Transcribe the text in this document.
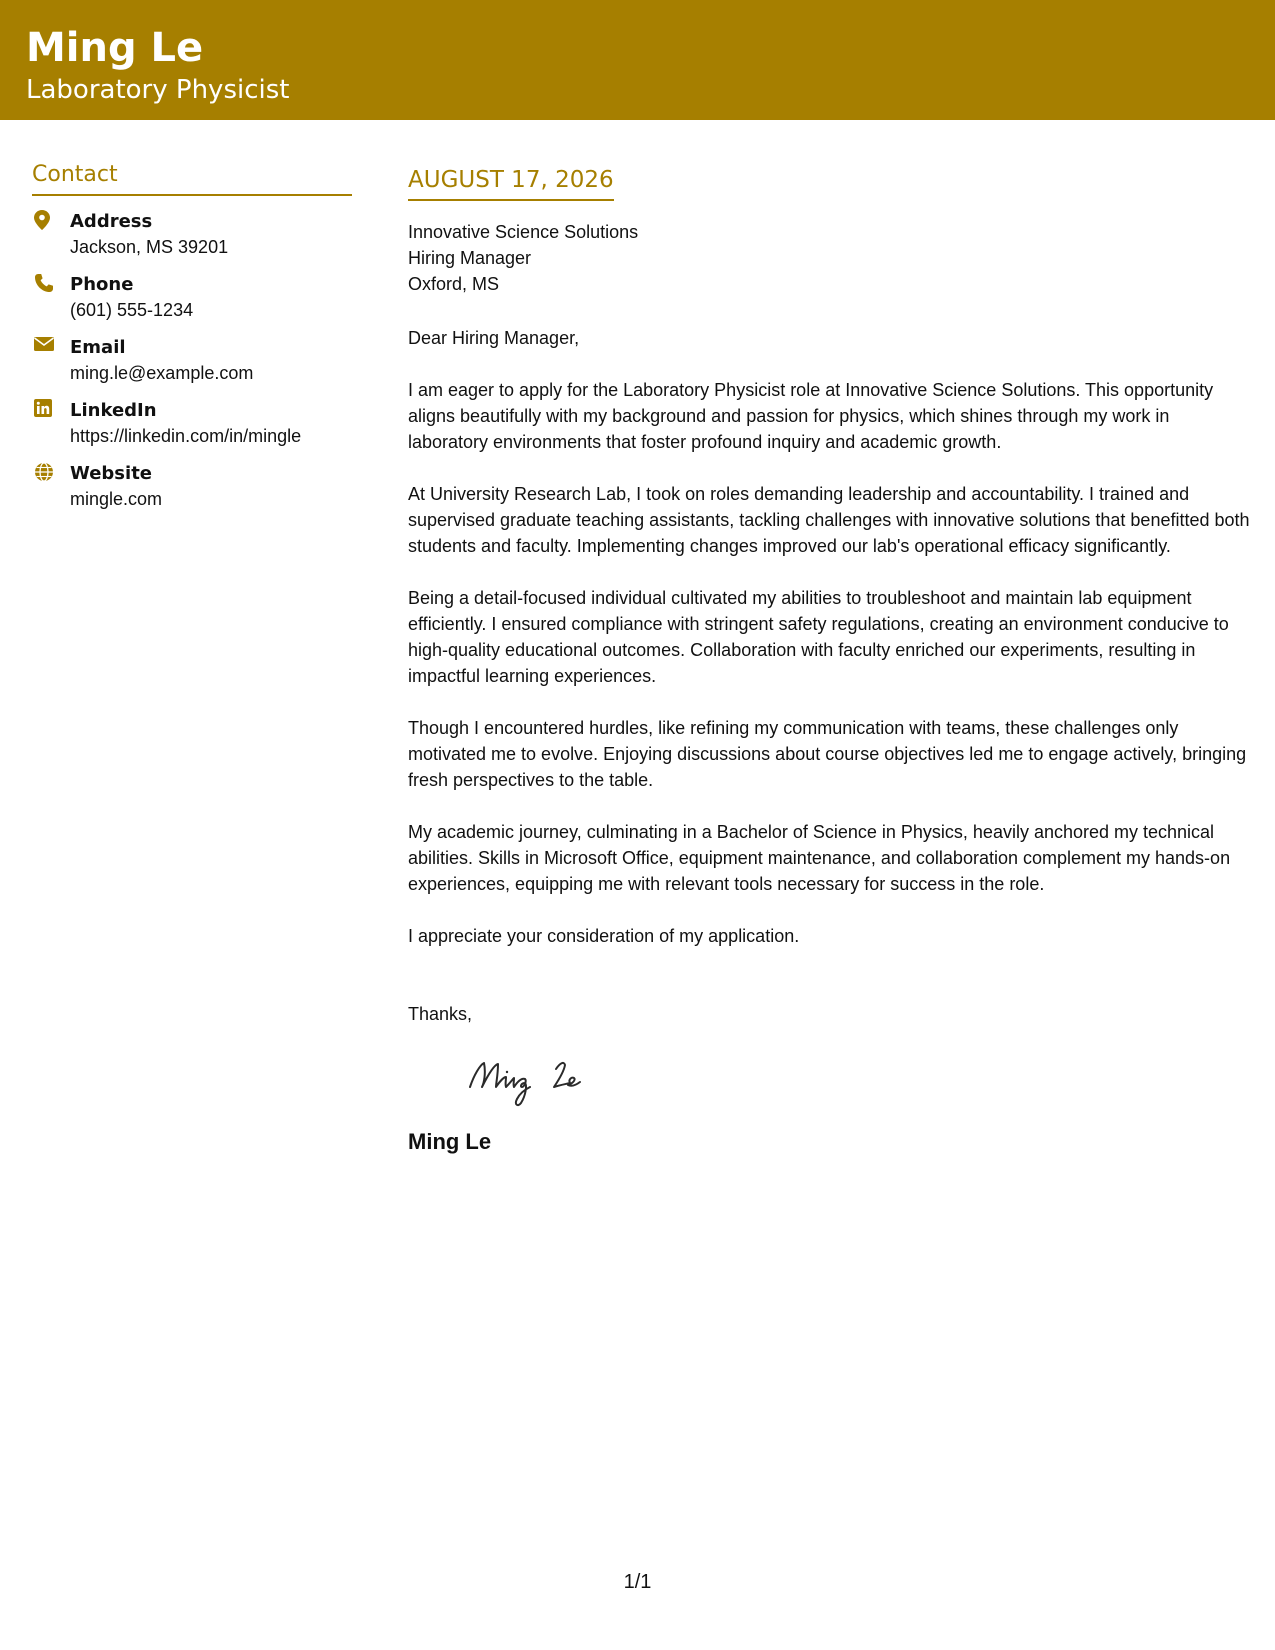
Ming Le
Laboratory Physicist
Contact
Address
Jackson, MS 39201
Phone
(601) 555-1234
Email
ming.le@example.com
LinkedIn
https://linkedin.com/in/mingle
Website
mingle.com
AUGUST 17, 2026
Innovative Science Solutions
Hiring Manager
Oxford, MS
Dear Hiring Manager,
I am eager to apply for the Laboratory Physicist role at Innovative Science Solutions. This opportunity aligns beautifully with my background and passion for physics, which shines through my work in laboratory environments that foster profound inquiry and academic growth.
At University Research Lab, I took on roles demanding leadership and accountability. I trained and supervised graduate teaching assistants, tackling challenges with innovative solutions that benefitted both students and faculty. Implementing changes improved our lab's operational efficacy significantly.
Being a detail-focused individual cultivated my abilities to troubleshoot and maintain lab equipment efficiently. I ensured compliance with stringent safety regulations, creating an environment conducive to high-quality educational outcomes. Collaboration with faculty enriched our experiments, resulting in impactful learning experiences.
Though I encountered hurdles, like refining my communication with teams, these challenges only motivated me to evolve. Enjoying discussions about course objectives led me to engage actively, bringing fresh perspectives to the table.
My academic journey, culminating in a Bachelor of Science in Physics, heavily anchored my technical abilities. Skills in Microsoft Office, equipment maintenance, and collaboration complement my hands-on experiences, equipping me with relevant tools necessary for success in the role.
I appreciate your consideration of my application.
Thanks,
Ming Le
1/1
